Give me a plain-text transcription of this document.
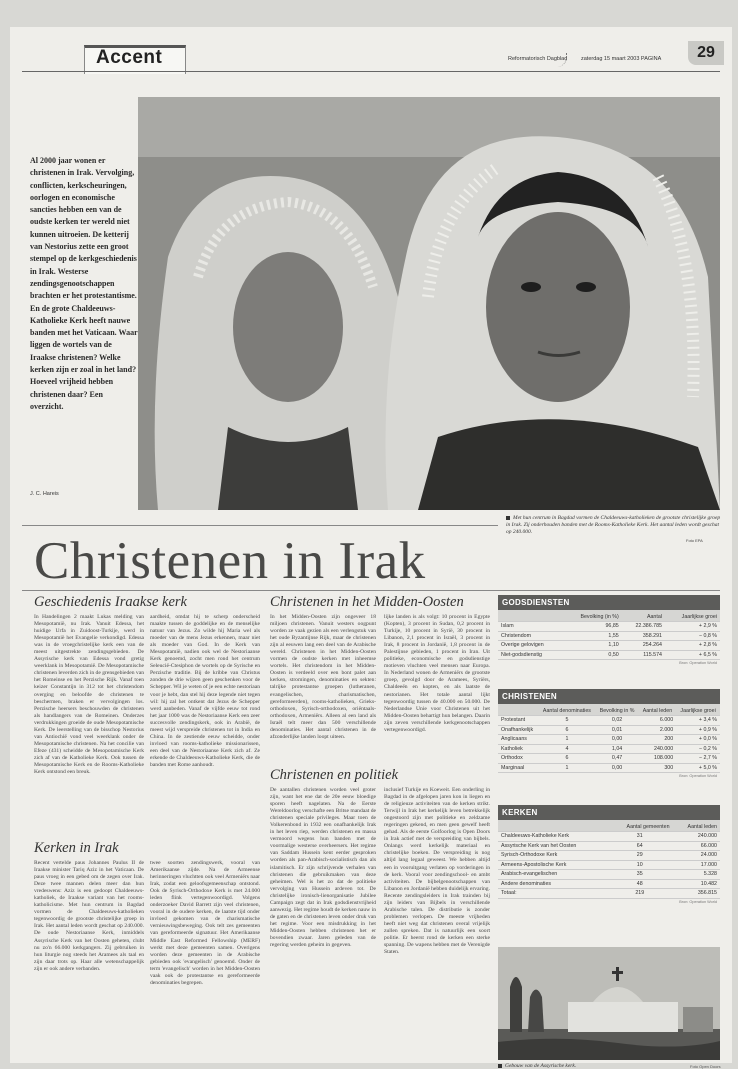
Accent	Reformatorisch Dagblad zaterdag 15 maart 2003 PAGINA	29
Al 2000 jaar wonen er christenen in Irak. Vervolging, conflicten, kerkscheuringen, oorlogen en economische sancties hebben een van de oudste kerken ter wereld niet kunnen uitroeien. De ketterij van Nestorius zette een groot stempel op de kerkgeschiedenis in Irak. Westerse zendingsgenootschappen brachten er het protestantisme. En de grote Chaldeeuws-Katholieke Kerk heeft nauwe banden met het Vaticaan. Waar liggen de wortels van de Iraakse christenen? Welke kerken zijn er zoal in het land? Hoeveel vrijheid hebben christenen daar? Een overzicht.
J. C. Hareis
Met hun centrum in Bagdad vormen de Chaldeeuws-katholieken de grootste christelijke groep in Irak. Zij onderhouden banden met de Rooms-Katholieke Kerk. Het aantal leden wordt geschat op 240.000.
Foto EPA
Christenen in Irak
Geschiedenis Iraakse kerk
In Handelingen 2 maakt Lukas melding van Mesopotamië, nu Irak. Vanuit Edessa, het huidige Urfa in Zuidoost-Turkije, werd in Mesopotamië het Evangelie verkondigd. Edessa was in de vroegchristelijke kerk een van de meest uitgestrekte zendingsgebieden. De Assyrische kerk van Edessa vond gretig weerklank in Mesopotamië. De Mesopotamische christenen leverden zich in de grensgebieden van het Romeinse en het Perzische Rijk. Vanaf toen keizer Constantijn in 312 tot het christendom overging en beloofde de christenen te beschermen, braken er vervolgingen los. Perzische heersers beschouwden de christenen als handlangers van de Romeinen. Onderzes verdrukkingen groeide de oude Mesopotamische Kerk. De leerstelling van de bisschop Nestorius van Antiochië vond veel weerklank onder de Mesopotamische christenen. Na het concilie van Efeze (431) scheidde de Mesopotamische Kerk zich af van de Katholieke Kerk. Ook tussen de Mesopotamische Kerk en de Rooms-Katholieke Kerk ontstond een breuk.
aardheid, omdat hij te scherp onderscheid maakte tussen de goddelijke en de menselijke natuur van Jezus. Zo wilde hij Maria wel als moeder van de mens Jezus erkennen, maar niet als moeder van God. In de Kerk van Mesopotamië, nadien ook wel de Nestoriaanse Kerk genoemd, zocht men rond het centrum Seleucië-Ctesiphon de wortels op de Syrische en Perzische traditie. Bij de kribbe van Christus zonden de drie wijzen geen geschenken voor de Schepper. Wil je weten of je een echte nestoriaan voor je hebt, dan stel hij deze legende niet tegen wil: hij zal het ontkent dat Jezus de Schepper werd aanbeden. Vanaf de vijfde eeuw tot rond het jaar 1000 was de Nestoriaanse Kerk een zeer succesvolle zendingskerk, ook in Arabië, de meest wijd verspreide christenen tot in India en China. In de zestiende eeuw scheidde, onder invloed van rooms-katholieke missionarissen, een deel van de Nestoriaanse Kerk zich af. Ze erkende de Chaldeeuws-Katholieke Kerk, die de banden met Rome aanhoudt.
Kerken in Irak
Recent vertelde paus Johannes Paulus II de Iraakse minister Tariq Aziz in het Vaticaan. De paus vroeg in een gebed om de zegen over Irak. Deze twee mannen delen meer dan hun vredeswens: Aziz is een gedoopt Chaldeeuws-katholiek, de Iraakse variant van het rooms-katholicisme. Met hun centrum in Bagdad vormen de Chaldeeuws-katholieken tegenwoordig de grootste christelijke groep in Irak. Het aantal leden wordt geschat op 240.000. De oude Nestoriaanse Kerk, inmiddels Assyrische Kerk van het Oosten geheten, clubt nu zo'n 66.000 kerkgangers. Zij gebruiken in hun liturgie nog steeds het Aramees als taal en zijn daar trots op. Haar alle wetenschappelijk zijn er ook andere verbanden.
twee soorten zendingswerk, vooral van Amerikaanse zijde. Na de Armeense herinneringen vluchtten ook veel Armeniërs naar Irak, zodat een geloofsgemeenschap ontstond. Ook de Syrisch-Orthodoxe Kerk is met 24.000 leden flink vertegenwoordigd. Volgens onderzoeker David Barrett zijn veel christenen, vooral in de oudere kerken, de laatste tijd onder invloed gekomen van de charismatische vernieuwingsbeweging. Ook telt zes gemeenten van gereformeerde signatuur. Het Amerikaanse Middle East Reformed Fellowship (MERF) werkt met deze gemeenten samen. Overigens worden deze gemeenten in de Arabische gebieden ook 'evangelisch' genoemd. Onder de term 'evangelisch' worden in het Midden-Oosten vaak ook de protestantse en gereformeerde denominaties begrepen.
Christenen in het Midden-Oosten
In het Midden-Oosten zijn ongeveer 18 miljoen christenen. Vanuit westers oogpunt worden ze vaak gezien als een verlengstuk van het oude Byzantijnse Rijk, maar de christenen zijn al eeuwen lang een deel van de Arabische wereld. Christenen in het Midden-Oosten vormen de oudste kerken met inheemse wortels. Het christendom in het Midden-Oosten is verdeeld over een bont palet aan kerken, stromingen, denominaties en sekten: talrijke protestantse groepen (lutheranen, evangelischen, charismatischen, gereformeerden), rooms-katholieken, Grieks-orthodoxen, Syrisch-orthodoxen, oriëntaals-orthodoxen, Armeniërs. Alleen al een land als Israël telt meer dan 500 verschillende denominaties. Het aantal christenen in de afzonderlijke landen loopt uiteen.
lijke landen is als volgt: 10 procent in Egypte (Kopten), 3 procent in Sudan, 0,2 procent in Turkije, 10 procent in Syrië, 30 procent in Libanon, 2,1 procent in Israël, 3 procent in Irak, 8 procent in Jordanië, 1,8 procent in de Palestijnse gebieden, 1 procent in Iran. Uit politieke, economische en godsdienstige motieven vluchten veel mensen naar Europa. In Nederland wonen de Armeniërs de grootste groep, gevolgd door de Aramees, Syriërs, Chaldeeën en kopten, en als laatste de nestorianen. Het totale aantal lijkt tegenwoordig tussen de 40.000 en 50.000. De Nederlandse Unie voor Christenen uit het Midden-Oosten behartigt hun belangen. Daarin zijn zeven verschillende kerkgenootschappen vertegenwoordigd.
Christenen en politiek
De aantallen christenen worden veel groter zijn, want het ene dat de 20e eeuw bloedige sporen heeft nagelaten. Na de Eerste Wereldoorlog verschafte een Britse mandaat de christenen speciale privileges. Maar toen de Volkerenbond in 1932 een onafhankelijk Irak in het leven riep, werden christenen en massa vermoord wegens hun banden met de voormalige westerse overheersers. Het regime van Saddam Hussein kent eerder gesproken worden als pan-Arabisch-socialistisch dan als islamitisch. Er zijn schrijvende verhalen van christenen die gebruikmaken van deze geheimen. Wel is het zo dat de politieke vervolging van Hussein ardeven tot. De christelijke ironisch-lienorganisatie Jubilee Campaign zegt dat in Irak godsdienstvrijheid aanwezig. Het regime houdt de kerken nauw in de gaten en de christenen leven onder druk van het regime. Voor een misdrukking in het Midden-Oosten hebben christenen het er bovendien zwaar. Jaren geleden van de regering werden geheim in gegeven.
inclusief Turkije en Koeweit. Een onderling in Bagdad in de afgelopen jaren kon in liegen en de religieuze activiteiten van de kerken strikt. Terwijl in Irak het kerkelijk leven betrekkelijk ongestoord zijn met politieke en zeldzame regeringen gekend, en men geen gewelf heeft gehad. Als de eerste Golfoorlog is Open Doors in Irak actief met de verspreiding van bijbels. Onlangs werd kerkelijk materiaal en christelijke boeken. De verspreiding is nog altijd lang legaal geweest. We hebben altijd een in vooruitgang verlaten op vorderingen in de kerk. Vooral voor zendingschool- en ambt activiteiten. De bijbelgenootschappen van Libanon en Jordanië hebben duidelijk ervaring. Recente zendingsleiders in Irak trainden bij zijn leiders van Bijbels in verschillende Arabische talen. De distributie is zonder problemen verlopen. De meeste vrijheden heeft niet weg dat christenen overal vrijelijk zullen spreken. Dat is natuurlijk een soort politie. Er heerst rond de kerken een sterke spanning. De wapens hebben met de Verenigde Staten.
GODSDIENSTEN
	Bevolking (in %)	Aantal	Jaarlijkse groei
Islam	96,85	22.386.785	+ 2,9 %
Christendom	1,55	358.291	− 0,8 %
Overige gelovigen	1,10	254.264	+ 2,8 %
Niet-godsdienstig	0,50	115.574	+ 6,5 %
Bron: Operation World
CHRISTENEN
	Aantal denominaties	Bevolking in %	Aantal leden	Jaarlijkse groei
Protestant	5	0,02	6.000	+ 3,4 %
Onafhankelijk	6	0,01	2.000	+ 0,9 %
Anglicaans	1	0,00	200	+ 0,0 %
Katholiek	4	1,04	240.000	− 0,2 %
Orthodox	6	0,47	108.000	− 2,7 %
Marginaal	1	0,00	300	+ 5,0 %
Bron: Operation World
KERKEN
	Aantal gemeenten	Aantal leden
Chaldeeuws-Katholieke Kerk	31	240.000
Assyrische Kerk van het Oosten	64	66.000
Syrisch-Orthodoxe Kerk	29	24.000
Armeens-Apostolische Kerk	10	17.000
Arabisch-evangelischen	35	5.328
Andere denominaties	48	10.482
Totaal:	219	356.815
Bron: Operation World
Gebouw van de Assyrische kerk.	Foto Open Doors
